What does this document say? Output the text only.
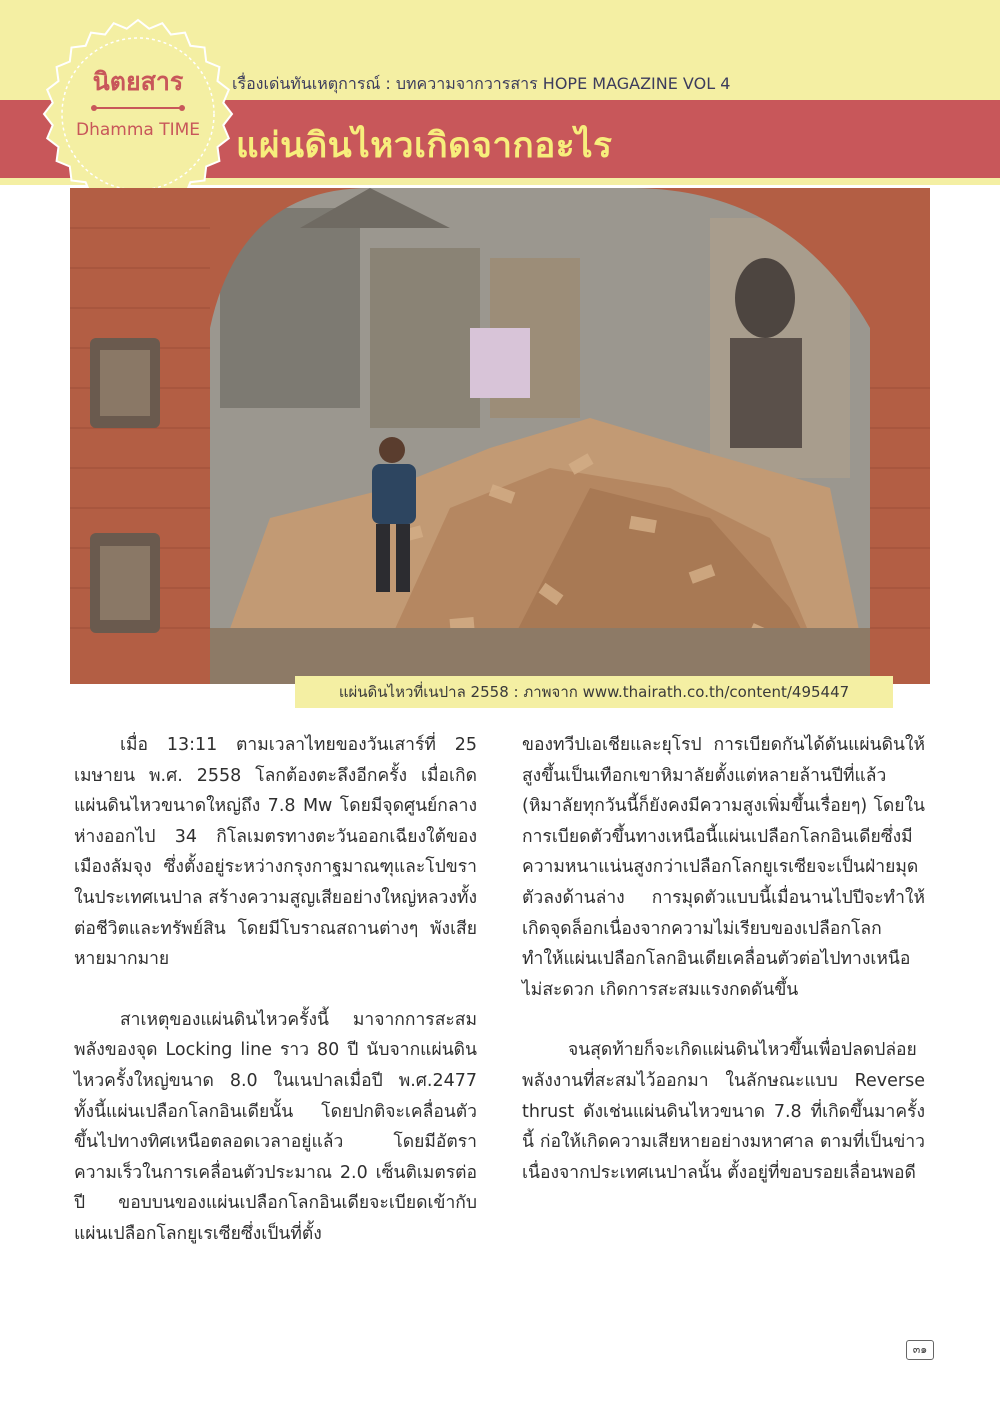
นิตยสาร
Dhamma TIME
เรื่องเด่นทันเหตุการณ์ : บทความจากวารสาร HOPE MAGAZINE VOL 4
แผ่นดินไหวเกิดจากอะไร
แผ่นดินไหวที่เนปาล 2558 : ภาพจาก www.thairath.co.th/content/495447

เมื่อ 13:11 ตามเวลาไทยของวันเสาร์ที่ 25 เมษายน พ.ศ. 2558 โลกต้องตะลึงอีกครั้ง เมื่อเกิดแผ่นดินไหวขนาดใหญ่ถึง 7.8 Mw โดยมีจุดศูนย์กลางห่างออกไป 34 กิโลเมตรทางตะวันออกเฉียงใต้ของเมืองลัมจุง ซึ่งตั้งอยู่ระหว่างกรุงกาฐมาณฑุและโปขรา ในประเทศเนปาล สร้างความสูญเสียอย่างใหญ่หลวงทั้งต่อชีวิตและทรัพย์สิน โดยมีโบราณสถานต่างๆ พังเสียหายมากมาย

สาเหตุของแผ่นดินไหวครั้งนี้ มาจากการสะสมพลังของจุด Locking line ราว 80 ปี นับจากแผ่นดินไหวครั้งใหญ่ขนาด 8.0 ในเนปาลเมื่อปี พ.ศ.2477 ทั้งนี้แผ่นเปลือกโลกอินเดียนั้น โดยปกติจะเคลื่อนตัวขึ้นไปทางทิศเหนือตลอดเวลาอยู่แล้ว โดยมีอัตราความเร็วในการเคลื่อนตัวประมาณ 2.0 เซ็นติเมตรต่อปี ขอบบนของแผ่นเปลือกโลกอินเดียจะเบียดเข้ากับแผ่นเปลือกโลกยูเรเซียซึ่งเป็นที่ตั้ง

ของทวีปเอเชียและยุโรป การเบียดกันได้ดันแผ่นดินให้สูงขึ้นเป็นเทือกเขาหิมาลัยตั้งแต่หลายล้านปีที่แล้ว (หิมาลัยทุกวันนี้ก็ยังคงมีความสูงเพิ่มขึ้นเรื่อยๆ) โดยในการเบียดตัวขึ้นทางเหนือนี้แผ่นเปลือกโลกอินเดียซึ่งมีความหนาแน่นสูงกว่าเปลือกโลกยูเรเซียจะเป็นฝ่ายมุดตัวลงด้านล่าง การมุดตัวแบบนี้เมื่อนานไปปีจะทำให้เกิดจุดล็อกเนื่องจากความไม่เรียบของเปลือกโลก ทำให้แผ่นเปลือกโลกอินเดียเคลื่อนตัวต่อไปทางเหนือไม่สะดวก เกิดการสะสมแรงกดดันขึ้น

จนสุดท้ายก็จะเกิดแผ่นดินไหวขึ้นเพื่อปลดปล่อยพลังงานที่สะสมไว้ออกมา ในลักษณะแบบ Reverse thrust ดังเช่นแผ่นดินไหวขนาด 7.8 ที่เกิดขึ้นมาครั้งนี้ ก่อให้เกิดความเสียหายอย่างมหาศาล ตามที่เป็นข่าว เนื่องจากประเทศเนปาลนั้น ตั้งอยู่ที่ขอบรอยเลื่อนพอดี

๓๑
